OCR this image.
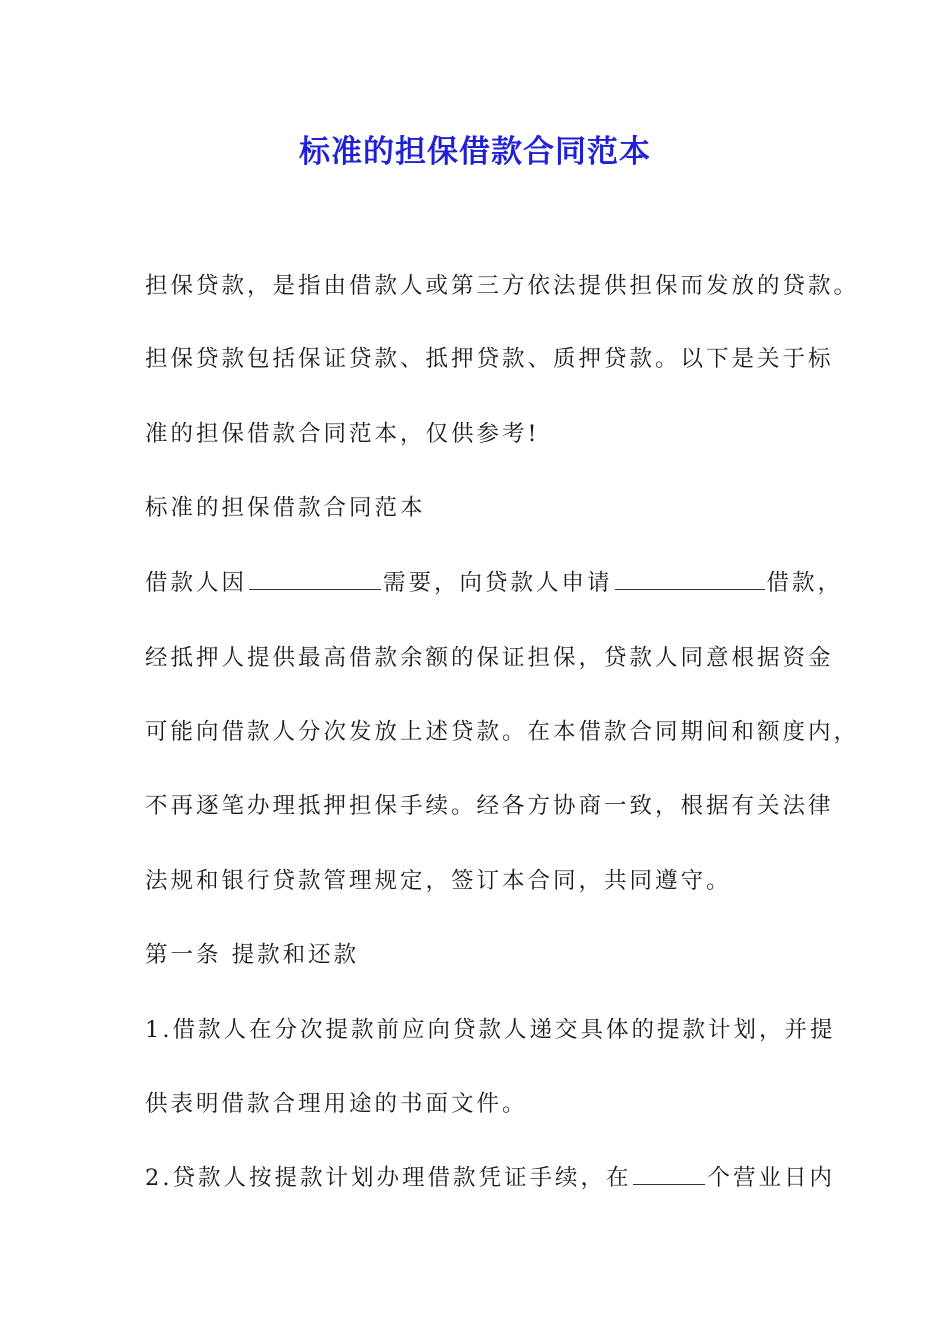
标准的担保借款合同范本
担保贷款，是指由借款人或第三方依法提供担保而发放的贷款。
担保贷款包括保证贷款、抵押贷款、质押贷款。以下是关于标
准的担保借款合同范本，仅供参考!
标准的担保借款合同范本
借款人因	需要，向贷款人申请	借款，
经抵押人提供最高借款余额的保证担保，贷款人同意根据资金
可能向借款人分次发放上述贷款。在本借款合同期间和额度内，
不再逐笔办理抵押担保手续。经各方协商一致，根据有关法律
法规和银行贷款管理规定，签订本合同，共同遵守。
第一条 提款和还款
1.借款人在分次提款前应向贷款人递交具体的提款计划，并提
供表明借款合理用途的书面文件。
2.贷款人按提款计划办理借款凭证手续，在	个营业日内
